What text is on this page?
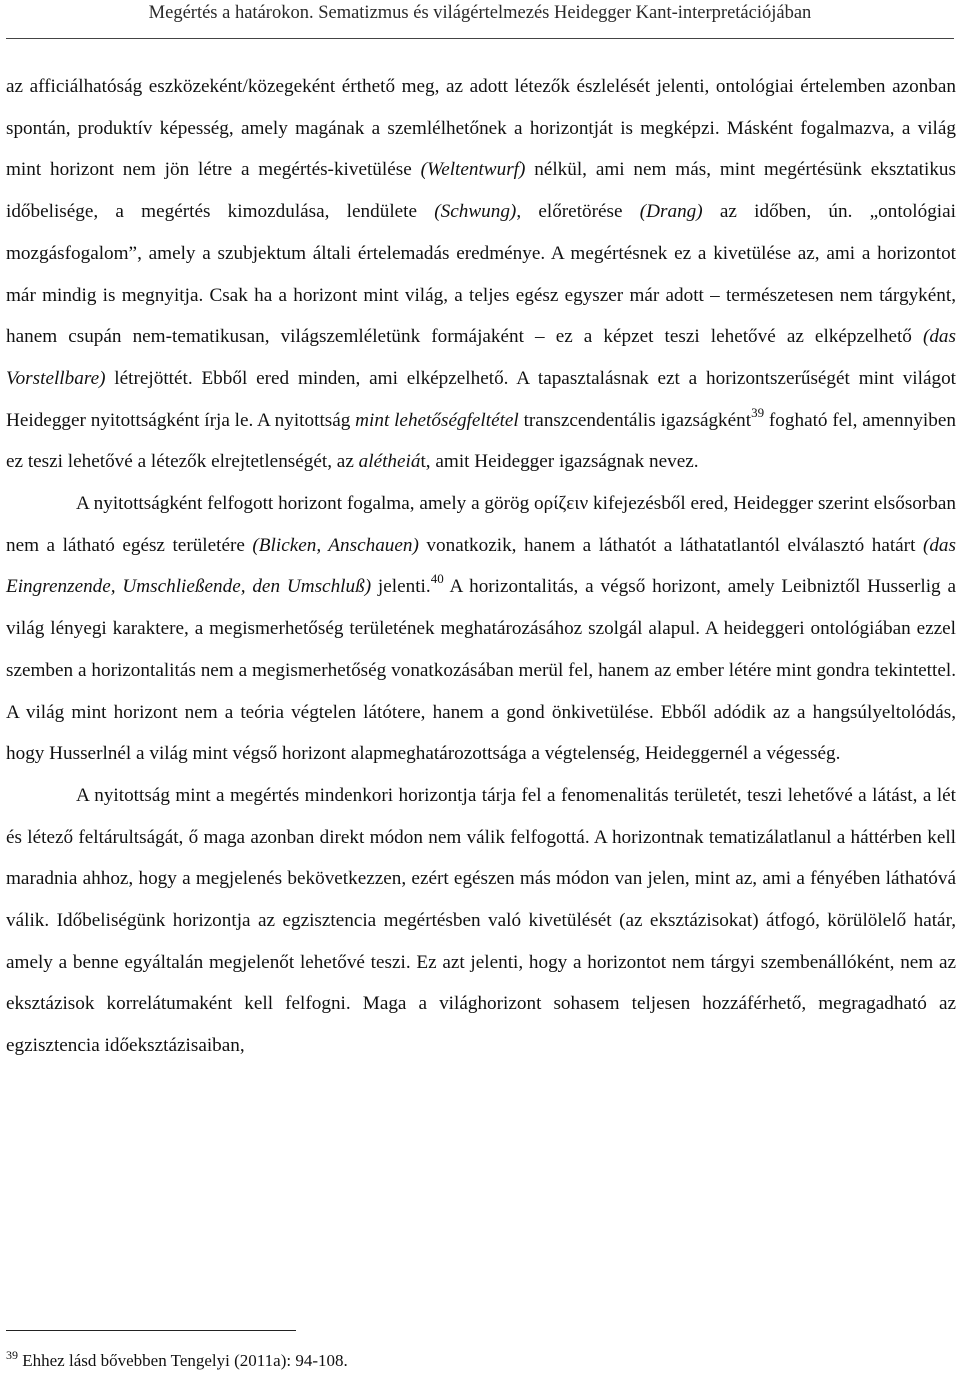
Megértés a határokon. Sematizmus és világértelmezés Heidegger Kant-interpretációjában

az afficiálhatóság eszközeként/közegeként érthető meg, az adott létezők észlelését jelenti, ontológiai értelemben azonban spontán, produktív képesség, amely magának a szemlélhetőnek a horizontját is megképzi. Másként fogalmazva, a világ mint horizont nem jön létre a megértés-kivetülése (Weltentwurf) nélkül, ami nem más, mint megértésünk eksztatikus időbelisége, a megértés kimozdulása, lendülete (Schwung), előretörése (Drang) az időben, ún. „ontológiai mozgásfogalom”, amely a szubjektum általi értelemadás eredménye. A megértésnek ez a kivetülése az, ami a horizontot már mindig is megnyitja. Csak ha a horizont mint világ, a teljes egész egyszer már adott – természetesen nem tárgyként, hanem csupán nem-tematikusan, világszemléletünk formájaként – ez a képzet teszi lehetővé az elképzelhető (das Vorstellbare) létrejöttét. Ebből ered minden, ami elképzelhető. A tapasztalásnak ezt a horizontszerűségét mint világot Heidegger nyitottságként írja le. A nyitottság mint lehetőségfeltétel transzcendentális igazságként$^{39}$ fogható fel, amennyiben ez teszi lehetővé a létezők elrejtetlenségét, az alétheiát, amit Heidegger igazságnak nevez.

A nyitottságként felfogott horizont fogalma, amely a görög ορίζειν kifejezésből ered, Heidegger szerint elsősorban nem a látható egész területére (Blicken, Anschauen) vonatkozik, hanem a láthatót a láthatatlantól elválasztó határt (das Eingrenzende, Umschließende, den Umschluß) jelenti.$^{40}$ A horizontalitás, a végső horizont, amely Leibniztől Husserlig a világ lényegi karaktere, a megismerhetőség területének meghatározásához szolgál alapul. A heideggeri ontológiában ezzel szemben a horizontalitás nem a megismerhetőség vonatkozásában merül fel, hanem az ember létére mint gondra tekintettel. A világ mint horizont nem a teória végtelen látótere, hanem a gond önkivetülése. Ebből adódik az a hangsúlyeltolódás, hogy Husserlnél a világ mint végső horizont alapmeghatározottsága a végtelenség, Heideggernél a végesség.

A nyitottság mint a megértés mindenkori horizontja tárja fel a fenomenalitás területét, teszi lehetővé a látást, a lét és létező feltárultságát, ő maga azonban direkt módon nem válik felfogottá. A horizontnak tematizálatlanul a háttérben kell maradnia ahhoz, hogy a megjelenés bekövetkezzen, ezért egészen más módon van jelen, mint az, ami a fényében láthatóvá válik. Időbeliségünk horizontja az egzisztencia megértésben való kivetülését (az eksztázisokat) átfogó, körülölelő határ, amely a benne egyáltalán megjelenőt lehetővé teszi. Ez azt jelenti, hogy a horizontot nem tárgyi szembenállóként, nem az eksztázisok korrelátumaként kell felfogni. Maga a világhorizont sohasem teljesen hozzáférhető, megragadható az egzisztencia időeksztázisaiban,

$^{39}$ Ehhez lásd bővebben Tengelyi (2011a): 94-108.
